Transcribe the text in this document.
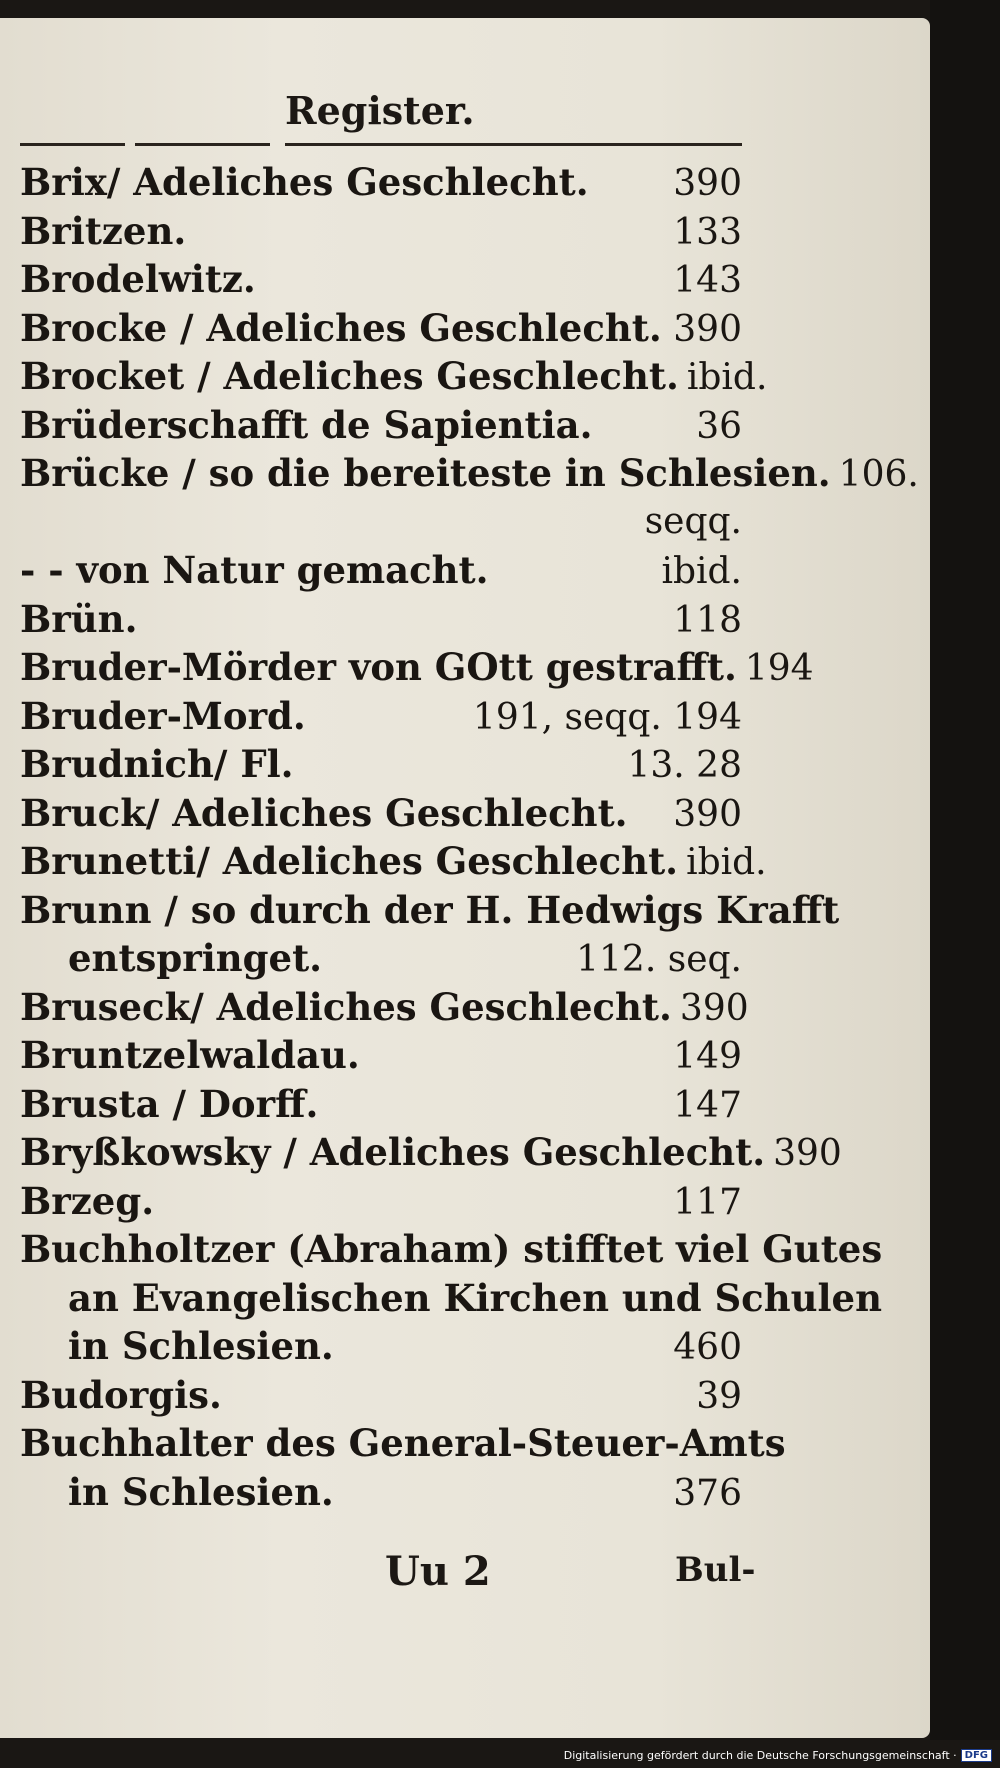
Register.
Brix/ Adeliches Geschlecht. 390
Britzen.	133
Brodelwitz.	143
Brocke / Adeliches Geschlecht. 390
Brocket / Adeliches Geschlecht. ibid.
Brüderschafft de Sapientia.	36
Brücke / so die bereiteste in Schlesien. 106.
seqq.
- - von Natur gemacht.	ibid.
Brün.	118
Bruder-Mörder von GOtt gestrafft. 194
Bruder-Mord.	191, seqq. 194
Brudnich/ Fl.	13. 28
Bruck/ Adeliches Geschlecht. 390
Brunetti/ Adeliches Geschlecht. ibid.
Brunn / so durch der H. Hedwigs Krafft
entspringet.	112. seq.
Bruseck/ Adeliches Geschlecht. 390
Bruntzelwaldau.	149
Brusta / Dorff.	147
Bryßkowsky / Adeliches Geschlecht. 390
Brzeg.	117
Buchholtzer (Abraham) stifftet viel Gutes
an Evangelischen Kirchen und Schulen
in Schlesien.	460
Budorgis.	39
Buchhalter des General-Steuer-Amts
in Schlesien.	376
Uu 2	Bul-
Digitalisierung gefördert durch die Deutsche Forschungsgemeinschaft · DFG
